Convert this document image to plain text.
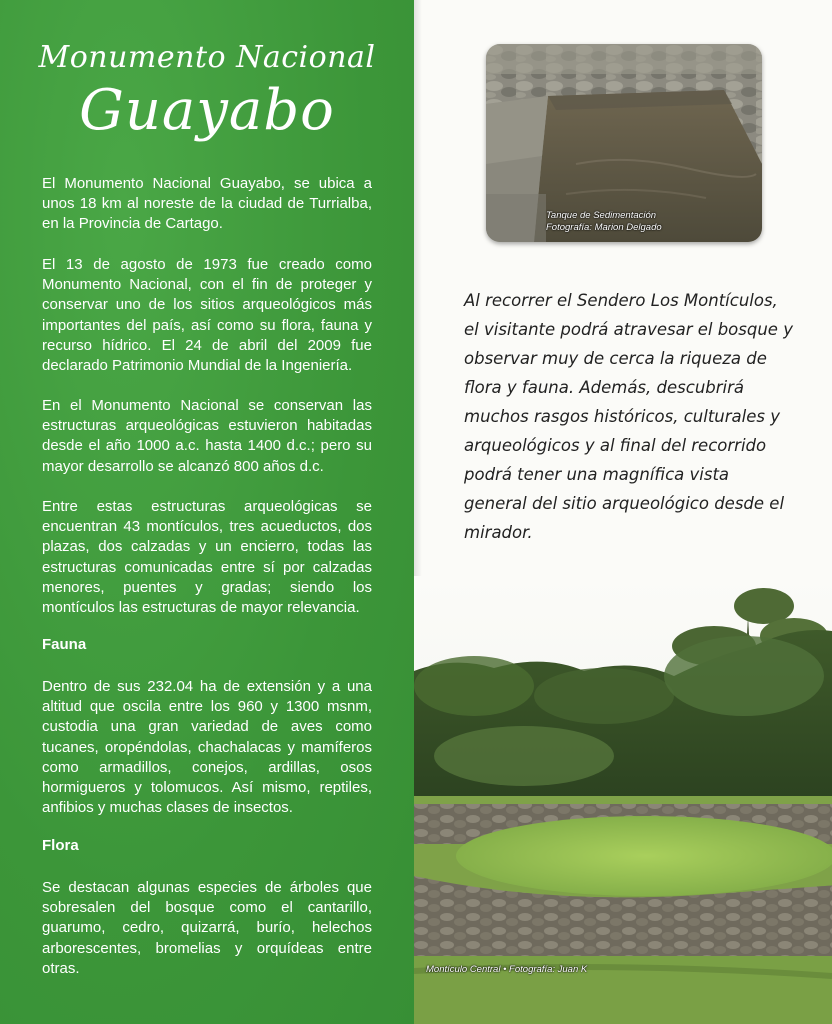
Monumento Nacional
Guayabo

El Monumento Nacional Guayabo, se ubica a unos 18 km al noreste de la ciudad de Turrialba, en la Provincia de Cartago.

El 13 de agosto de 1973 fue creado como Monumento Nacional, con el fin de proteger y conservar uno de los sitios arqueológicos más importantes del país, así como su flora, fauna y recurso hídrico. El 24 de abril del 2009 fue declarado Patrimonio Mundial de la Ingeniería.

En el Monumento Nacional se conservan las estructuras arqueológicas estuvieron habitadas desde el año 1000 a.c. hasta 1400 d.c.; pero su mayor desarrollo se alcanzó 800 años d.c.

Entre estas estructuras arqueológicas se encuentran 43 montículos, tres acueductos, dos plazas, dos calzadas y un encierro, todas las estructuras comunicadas entre sí por calzadas menores, puentes y gradas; siendo los montículos las estructuras de mayor relevancia.

Fauna

Dentro de sus 232.04 ha de extensión y a una altitud que oscila entre los 960 y 1300 msnm, custodia una gran variedad de aves como tucanes, oropéndolas, chachalacas y mamíferos como armadillos, conejos, ardillas, osos hormigueros y tolomucos. Así mismo, reptiles, anfibios y muchas clases de insectos.

Flora

Se destacan algunas especies de árboles que sobresalen del bosque como el cantarillo, guarumo, cedro, quizarrá, burío, helechos arborescentes, bromelias y orquídeas entre otras.

Tanque de Sedimentación
Fotografía: Marion Delgado

Al recorrer el Sendero Los Montículos, el visitante podrá atravesar el bosque y observar muy de cerca la riqueza de flora y fauna. Además, descubrirá muchos rasgos históricos, culturales y arqueológicos y al final del recorrido podrá tener una magnífica vista general del sitio arqueológico desde el mirador.

Montículo Central • Fotografía: Juan K
